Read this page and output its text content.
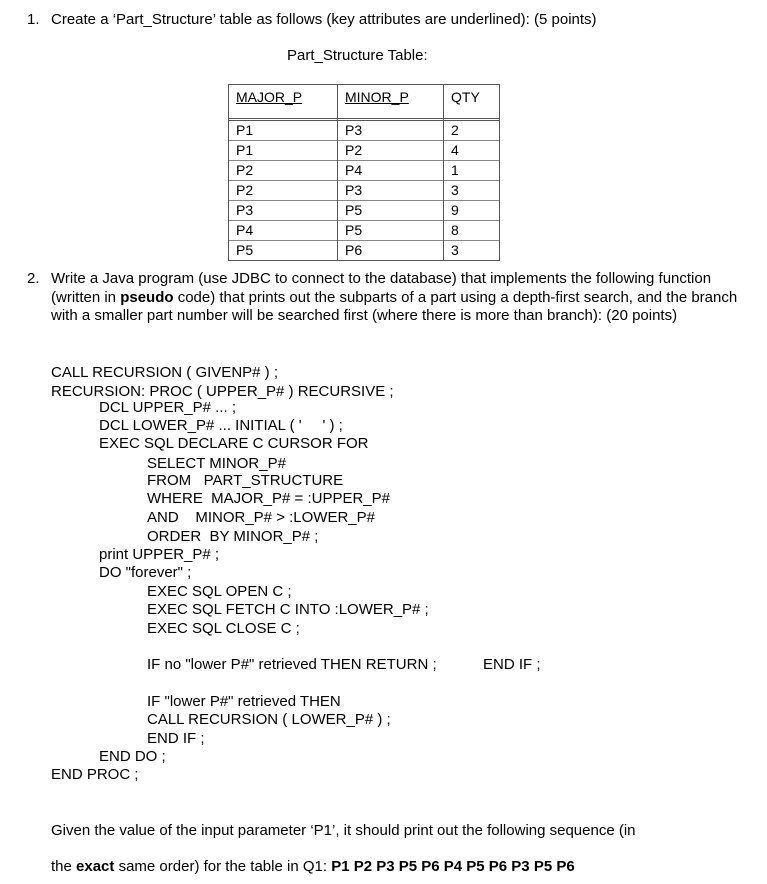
1. Create a ‘Part_Structure’ table as follows (key attributes are underlined): (5 points)
Part_Structure Table:
MAJOR_P	MINOR_P	QTY

P1	P3	2
P1	P2	4
P2	P4	1
P2	P3	3
P3	P5	9
P4	P5	8
P5	P6	3
2. Write a Java program (use JDBC to connect to the database) that implements the following function (written in pseudo code) that prints out the subparts of a part using a depth-first search, and the branch with a smaller part number will be searched first (where there is more than branch): (20 points)
CALL RECURSION ( GIVENP# ) ;
RECURSION: PROC ( UPPER_P# ) RECURSIVE ;
DCL UPPER_P# ... ;
DCL LOWER_P# ... INITIAL ( '     ' ) ;
EXEC SQL DECLARE C CURSOR FOR
SELECT MINOR_P#
FROM   PART_STRUCTURE
WHERE  MAJOR_P# = :UPPER_P#
AND    MINOR_P# > :LOWER_P#
ORDER  BY MINOR_P# ;
print UPPER_P# ;
DO "forever" ;
EXEC SQL OPEN C ;
EXEC SQL FETCH C INTO :LOWER_P# ;
EXEC SQL CLOSE C ;
IF no "lower P#" retrieved THEN RETURN ;	END IF ;
IF "lower P#" retrieved THEN
CALL RECURSION ( LOWER_P# ) ;
END IF ;
END DO ;
END PROC ;
Given the value of the input parameter ‘P1’, it should print out the following sequence (in
the exact same order) for the table in Q1: P1 P2 P3 P5 P6 P4 P5 P6 P3 P5 P6
